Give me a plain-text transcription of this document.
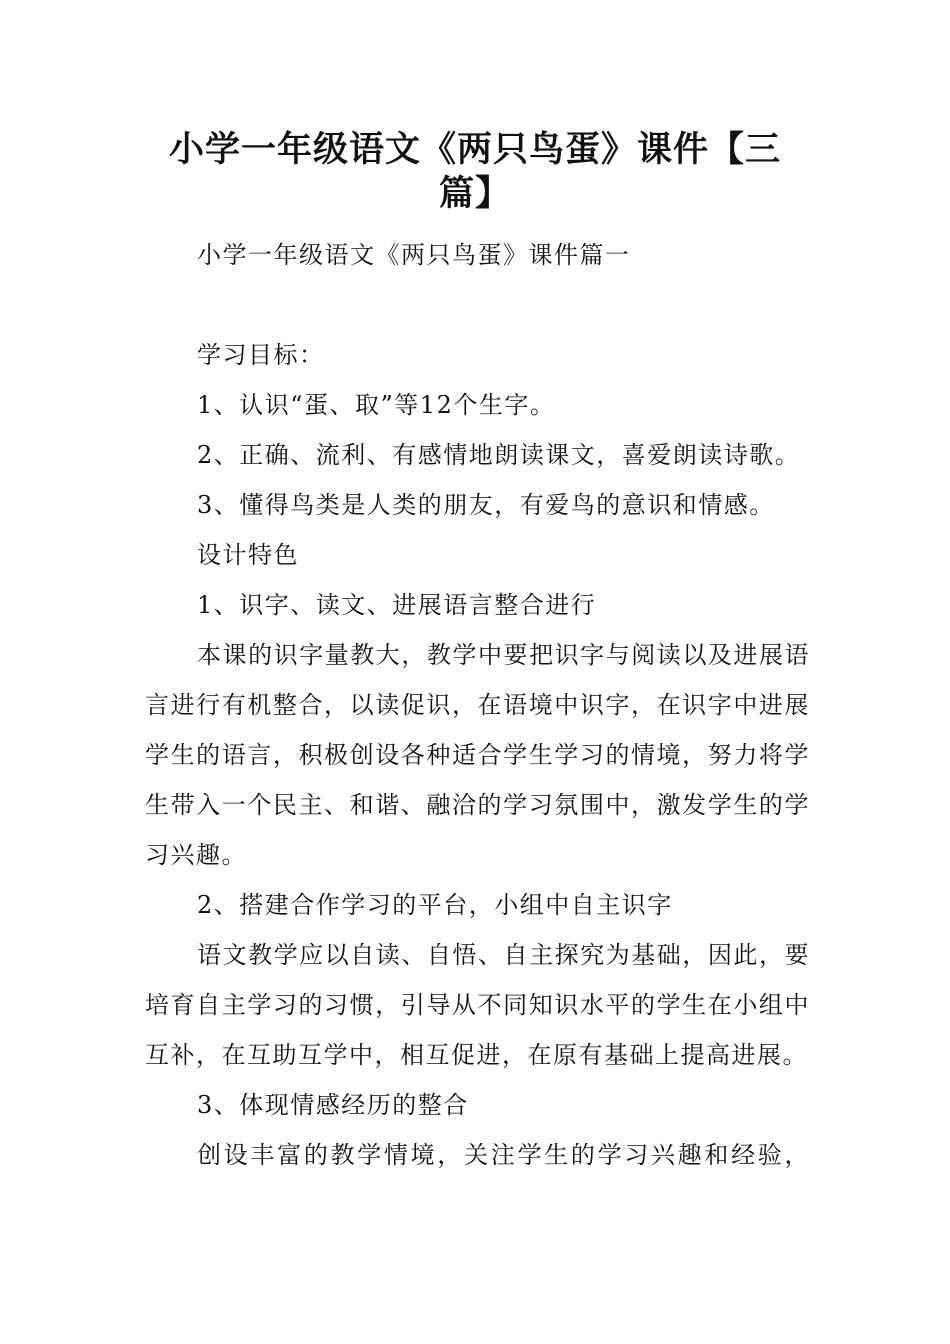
小学一年级语文《两只鸟蛋》课件【三篇】

小学一年级语文《两只鸟蛋》课件篇一

学习目标：

1、认识“蛋、取”等12个生字。

2、正确、流利、有感情地朗读课文，喜爱朗读诗歌。

3、懂得鸟类是人类的朋友，有爱鸟的意识和情感。

设计特色

1、识字、读文、进展语言整合进行

本课的识字量教大，教学中要把识字与阅读以及进展语言进行有机整合，以读促识，在语境中识字，在识字中进展学生的语言，积极创设各种适合学生学习的情境，努力将学生带入一个民主、和谐、融洽的学习氛围中，激发学生的学习兴趣。

2、搭建合作学习的平台，小组中自主识字

语文教学应以自读、自悟、自主探究为基础，因此，要培育自主学习的习惯，引导从不同知识水平的学生在小组中互补，在互助互学中，相互促进，在原有基础上提高进展。

3、体现情感经历的整合

创设丰富的教学情境，关注学生的学习兴趣和经验，
